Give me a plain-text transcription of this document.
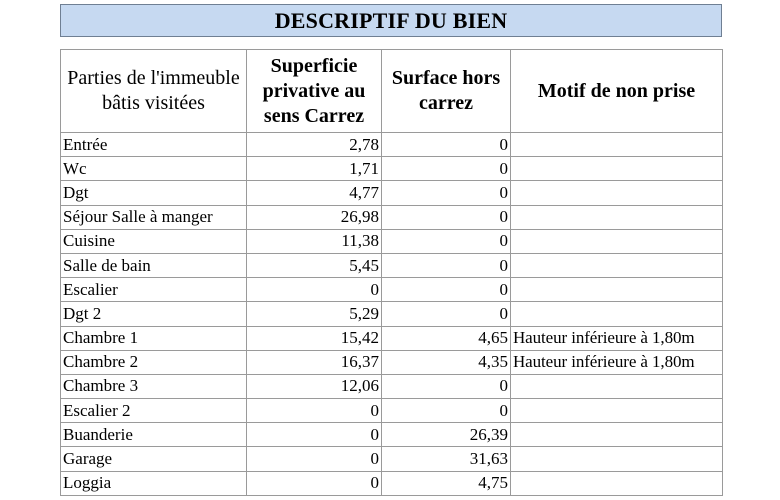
DESCRIPTIF DU BIEN
Parties de l'immeuble bâtis visitées	Superficie privative au sens Carrez	Surface hors carrez	Motif de non prise
Entrée	2,78	0	
Wc	1,71	0	
Dgt	4,77	0	
Séjour Salle à manger	26,98	0	
Cuisine	11,38	0	
Salle de bain	5,45	0	
Escalier	0	0	
Dgt 2	5,29	0	
Chambre 1	15,42	4,65	Hauteur inférieure à 1,80m
Chambre 2	16,37	4,35	Hauteur inférieure à 1,80m
Chambre 3	12,06	0	
Escalier 2	0	0	
Buanderie	0	26,39	
Garage	0	31,63	
Loggia	0	4,75	
